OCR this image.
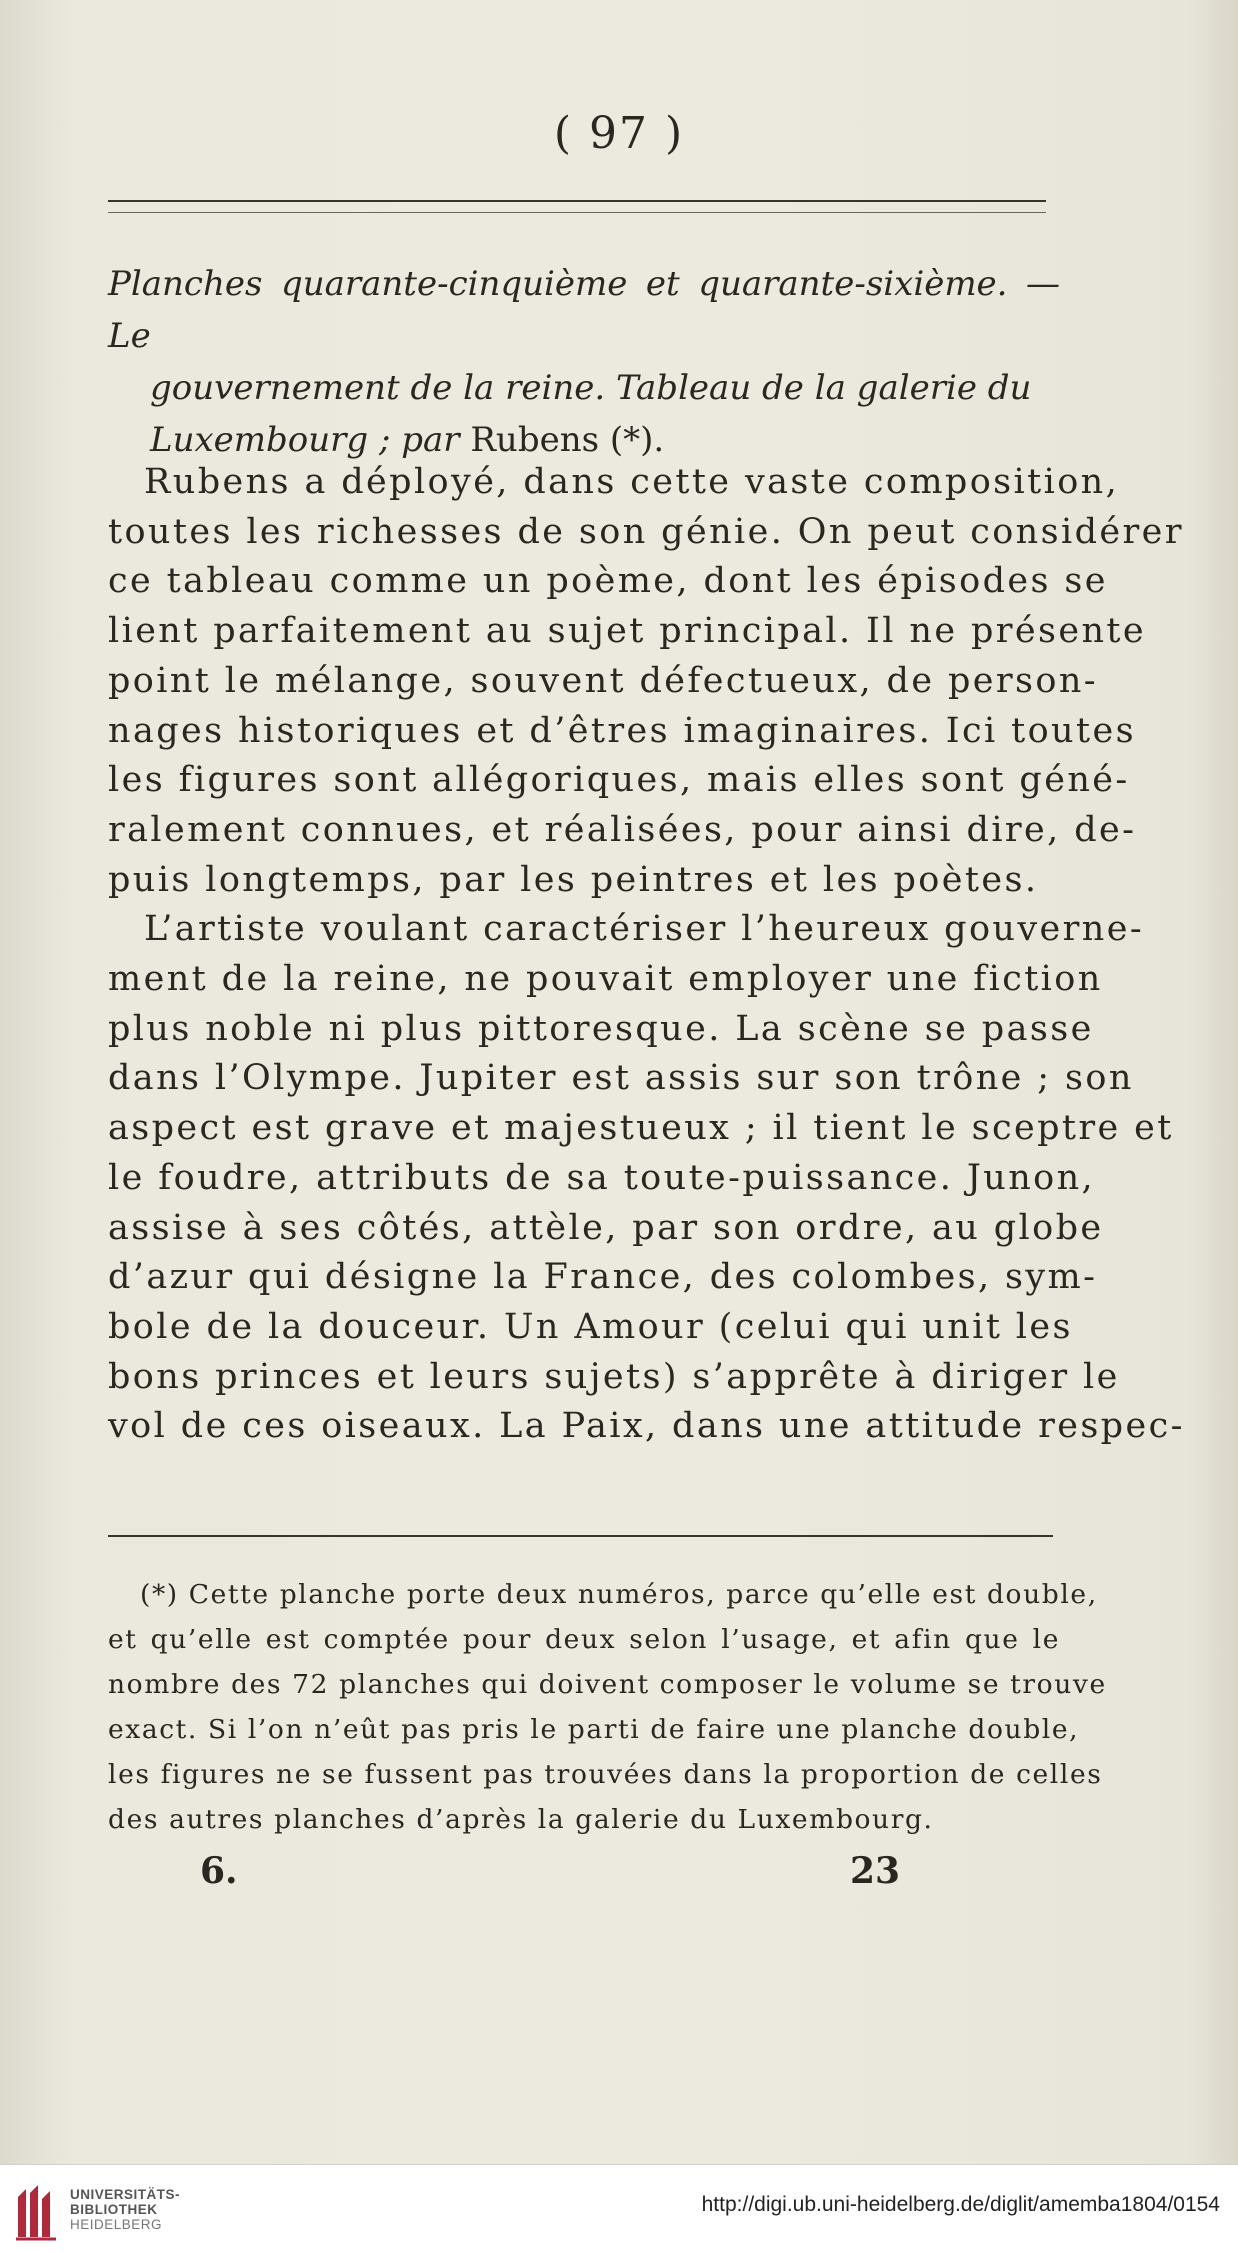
( 97 )
Planches quarante-cinquième et quarante-sixième. — Le
gouvernement de la reine. Tableau de la galerie du
Luxembourg ; par Rubens (*).
Rubens a déployé, dans cette vaste composition,
toutes les richesses de son génie. On peut considérer
ce tableau comme un poème, dont les épisodes se
lient parfaitement au sujet principal. Il ne présente
point le mélange, souvent défectueux, de person-
nages historiques et d’êtres imaginaires. Ici toutes
les figures sont allégoriques, mais elles sont géné-
ralement connues, et réalisées, pour ainsi dire, de-
puis longtemps, par les peintres et les poètes.
L’artiste voulant caractériser l’heureux gouverne-
ment de la reine, ne pouvait employer une fiction
plus noble ni plus pittoresque. La scène se passe
dans l’Olympe. Jupiter est assis sur son trône ; son
aspect est grave et majestueux ; il tient le sceptre et
le foudre, attributs de sa toute-puissance. Junon,
assise à ses côtés, attèle, par son ordre, au globe
d’azur qui désigne la France, des colombes, sym-
bole de la douceur. Un Amour (celui qui unit les
bons princes et leurs sujets) s’apprête à diriger le
vol de ces oiseaux. La Paix, dans une attitude respec-
(*) Cette planche porte deux numéros, parce qu’elle est double,
et qu’elle est comptée pour deux selon l’usage, et afin que le
nombre des 72 planches qui doivent composer le volume se trouve
exact. Si l’on n’eût pas pris le parti de faire une planche double,
les figures ne se fussent pas trouvées dans la proportion de celles
des autres planches d’après la galerie du Luxembourg.
6.	23
UNIVERSITÄTS-
BIBLIOTHEK
HEIDELBERG
http://digi.ub.uni-heidelberg.de/diglit/amemba1804/0154
